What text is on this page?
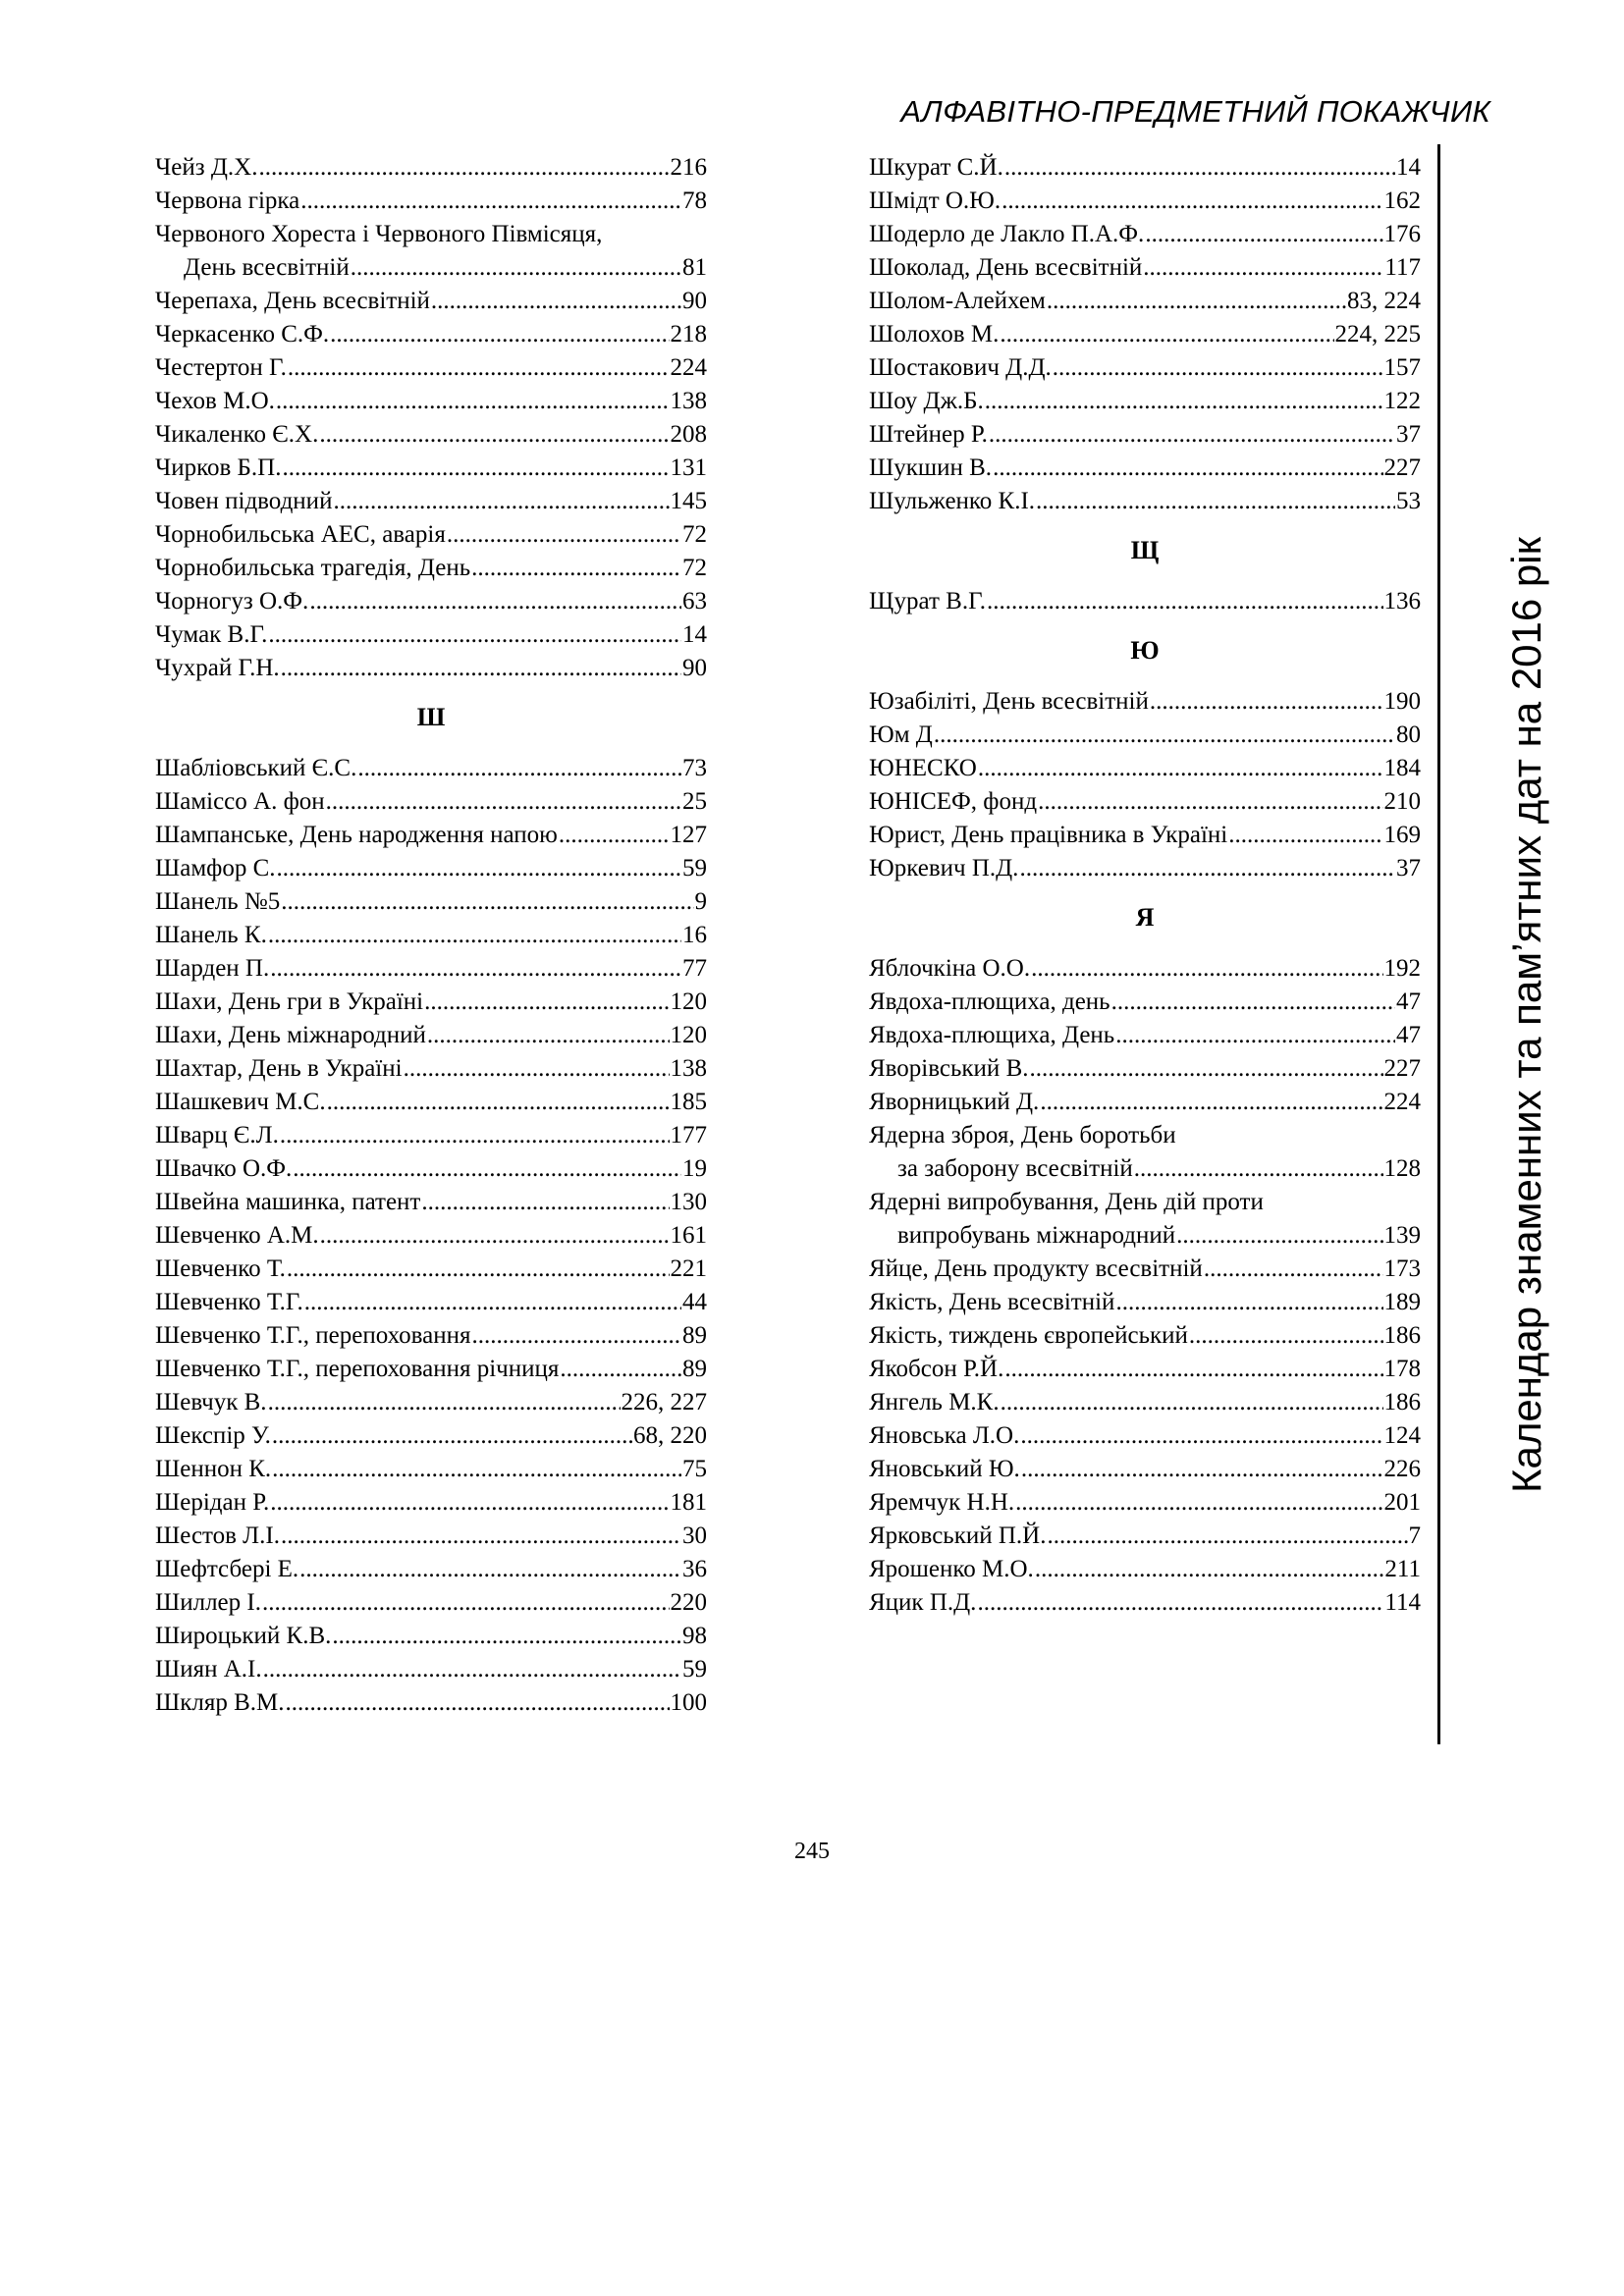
АЛФАВІТНО-ПРЕДМЕТНИЙ ПОКАЖЧИК
Чейз Д.Х. .....	216
Червона гірка .....	78
Червоного Хореста і Червоного Півмісяця,
День всесвітній .....	81
Черепаха, День всесвітній .....	90
Черкасенко С.Ф. .....	218
Честертон Г. .....	224
Чехов М.О. .....	138
Чикаленко Є.Х. .....	208
Чирков Б.П. .....	131
Човен підводний .....	145
Чорнобильська АЕС, аварія .....	72
Чорнобильська трагедія, День .....	72
Чорногуз О.Ф. .....	63
Чумак В.Г. .....	14
Чухрай Г.Н. .....	90
Ш
Шабліовський Є.С. .....	73
Шаміссо А. фон .....	25
Шампанське, День народження напою .....	127
Шамфор С. .....	59
Шанель №5 .....	9
Шанель К. .....	16
Шарден П. .....	77
Шахи, День гри в Україні .....	120
Шахи, День міжнародний .....	120
Шахтар, День в Україні .....	138
Шашкевич М.С. .....	185
Шварц Є.Л. .....	177
Швачко О.Ф. .....	19
Швейна машинка, патент .....	130
Шевченко А.М. .....	161
Шевченко Т. .....	221
Шевченко Т.Г. .....	44
Шевченко Т.Г., перепоховання .....	89
Шевченко Т.Г., перепоховання річниця .....	89
Шевчук В. .....	226, 227
Шекспір У. .....	68, 220
Шеннон К. .....	75
Шерідан Р. .....	181
Шестов Л.І. .....	30
Шефтсбері Е. .....	36
Шиллер І. .....	220
Широцький К.В. .....	98
Шиян А.І. .....	59
Шкляр В.М. .....	100
Шкурат С.Й. .....	14
Шмідт О.Ю. .....	162
Шодерло де Лакло П.А.Ф. .....	176
Шоколад, День всесвітній .....	117
Шолом-Алейхем .....	83, 224
Шолохов М. .....	224, 225
Шостакович Д.Д. .....	157
Шоу Дж.Б. .....	122
Штейнер Р. .....	37
Шукшин В. .....	227
Шульженко К.І. .....	53
Щ
Щурат В.Г. .....	136
Ю
Юзабіліті, День всесвітній .....	190
Юм Д .....	80
ЮНЕСКО .....	184
ЮНІСЕФ, фонд .....	210
Юрист, День працівника в Україні .....	169
Юркевич П.Д. .....	37
Я
Яблочкіна О.О. .....	192
Явдоха-плющиха, день .....	47
Явдоха-плющиха, День .....	47
Яворівський В. .....	227
Яворницький Д. .....	224
Ядерна зброя, День боротьби
за заборону всесвітній .....	128
Ядерні випробування, День дій проти
випробувань міжнародний .....	139
Яйце, День продукту всесвітній .....	173
Якість, День всесвітній .....	189
Якість, тиждень європейський .....	186
Якобсон Р.Й. .....	178
Янгель М.К. .....	186
Яновська Л.О. .....	124
Яновський Ю. .....	226
Яремчук Н.Н. .....	201
Ярковський П.Й. .....	7
Ярошенко М.О. .....	211
Яцик П.Д. .....	114
Календар знаменних та пам’ятних дат на 2016 рік
245
